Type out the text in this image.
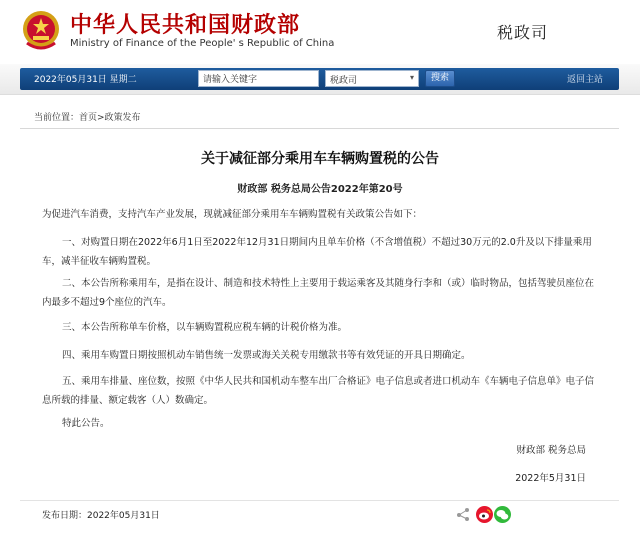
中华人民共和国财政部
Ministry of Finance of the People' s Republic of China
税政司
2022年05月31日 星期二
请输入关键字	税政司	▾	搜索	返回主站
当前位置：首页>政策发布
关于减征部分乘用车车辆购置税的公告
财政部 税务总局公告2022年第20号
为促进汽车消费，支持汽车产业发展，现就减征部分乘用车车辆购置税有关政策公告如下：
一、对购置日期在2022年6月1日至2022年12月31日期间内且单车价格（不含增值税）不超过30万元的2.0升及以下排量乘用车，减半征收车辆购置税。
二、本公告所称乘用车，是指在设计、制造和技术特性上主要用于载运乘客及其随身行李和（或）临时物品，包括驾驶员座位在内最多不超过9个座位的汽车。
三、本公告所称单车价格，以车辆购置税应税车辆的计税价格为准。
四、乘用车购置日期按照机动车销售统一发票或海关关税专用缴款书等有效凭证的开具日期确定。
五、乘用车排量、座位数，按照《中华人民共和国机动车整车出厂合格证》电子信息或者进口机动车《车辆电子信息单》电子信息所载的排量、额定载客（人）数确定。
特此公告。
财政部 税务总局
2022年5月31日
发布日期：2022年05月31日
